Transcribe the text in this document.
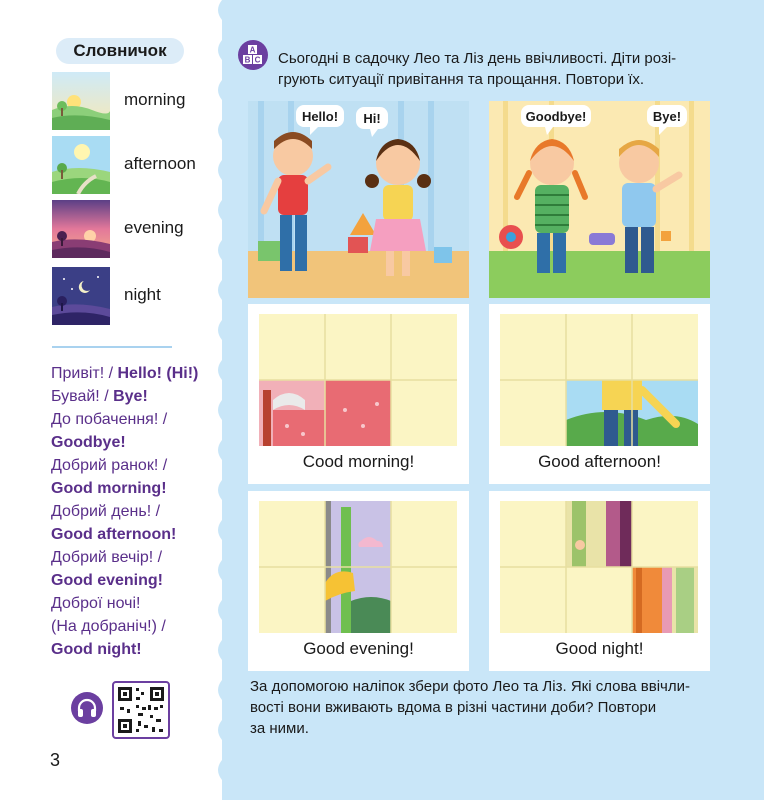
Словничок
morning
afternoon
evening
night
Привіт! / Hello! (Hi!)
Бувай! / Bye!
До побачення! /
Goodbye!
Добрий ранок! /
Good morning!
Добрий день! /
Good afternoon!
Добрий вечір! /
Good evening!
Доброї ночі!
(На добраніч!) /
Good night!
3
A
B C Сьогодні в садочку Лео та Ліз день ввічливості. Діти розі-
грують ситуації привітання та прощання. Повтори їх.
Hello! Hi!	Goodbye!	Bye!
Cood morning!	Good afternoon!
Good evening!	Good night!
За допомогою наліпок збери фото Лео та Ліз. Які слова ввічли-
вості вони вживають вдома в різні частини доби? Повтори
за ними.
